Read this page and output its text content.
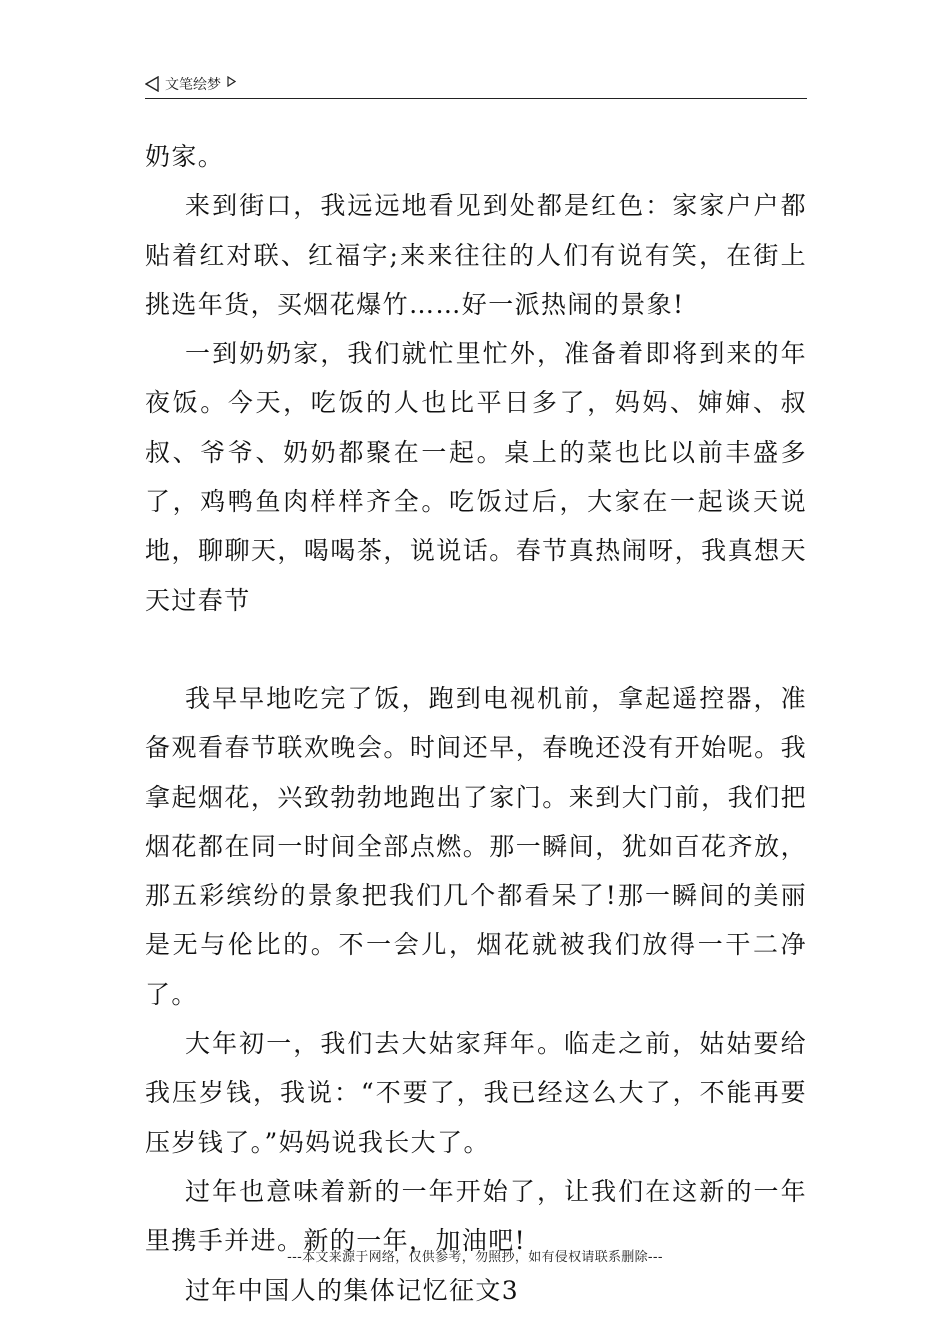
文笔绘梦

奶家。

来到街口，我远远地看见到处都是红色：家家户户都贴着红对联、红福字;来来往往的人们有说有笑，在街上挑选年货，买烟花爆竹……好一派热闹的景象!

一到奶奶家，我们就忙里忙外，准备着即将到来的年夜饭。今天，吃饭的人也比平日多了，妈妈、婶婶、叔叔、爷爷、奶奶都聚在一起。桌上的菜也比以前丰盛多了，鸡鸭鱼肉样样齐全。吃饭过后，大家在一起谈天说地，聊聊天，喝喝茶，说说话。春节真热闹呀，我真想天天过春节

我早早地吃完了饭，跑到电视机前，拿起遥控器，准备观看春节联欢晚会。时间还早，春晚还没有开始呢。我拿起烟花，兴致勃勃地跑出了家门。来到大门前，我们把烟花都在同一时间全部点燃。那一瞬间，犹如百花齐放，那五彩缤纷的景象把我们几个都看呆了!那一瞬间的美丽是无与伦比的。不一会儿，烟花就被我们放得一干二净了。

大年初一，我们去大姑家拜年。临走之前，姑姑要给我压岁钱，我说：“不要了，我已经这么大了，不能再要压岁钱了。”妈妈说我长大了。

过年也意味着新的一年开始了，让我们在这新的一年里携手并进。新的一年，加油吧!

过年中国人的集体记忆征文3

---本文来源于网络，仅供参考，勿照抄，如有侵权请联系删除---
